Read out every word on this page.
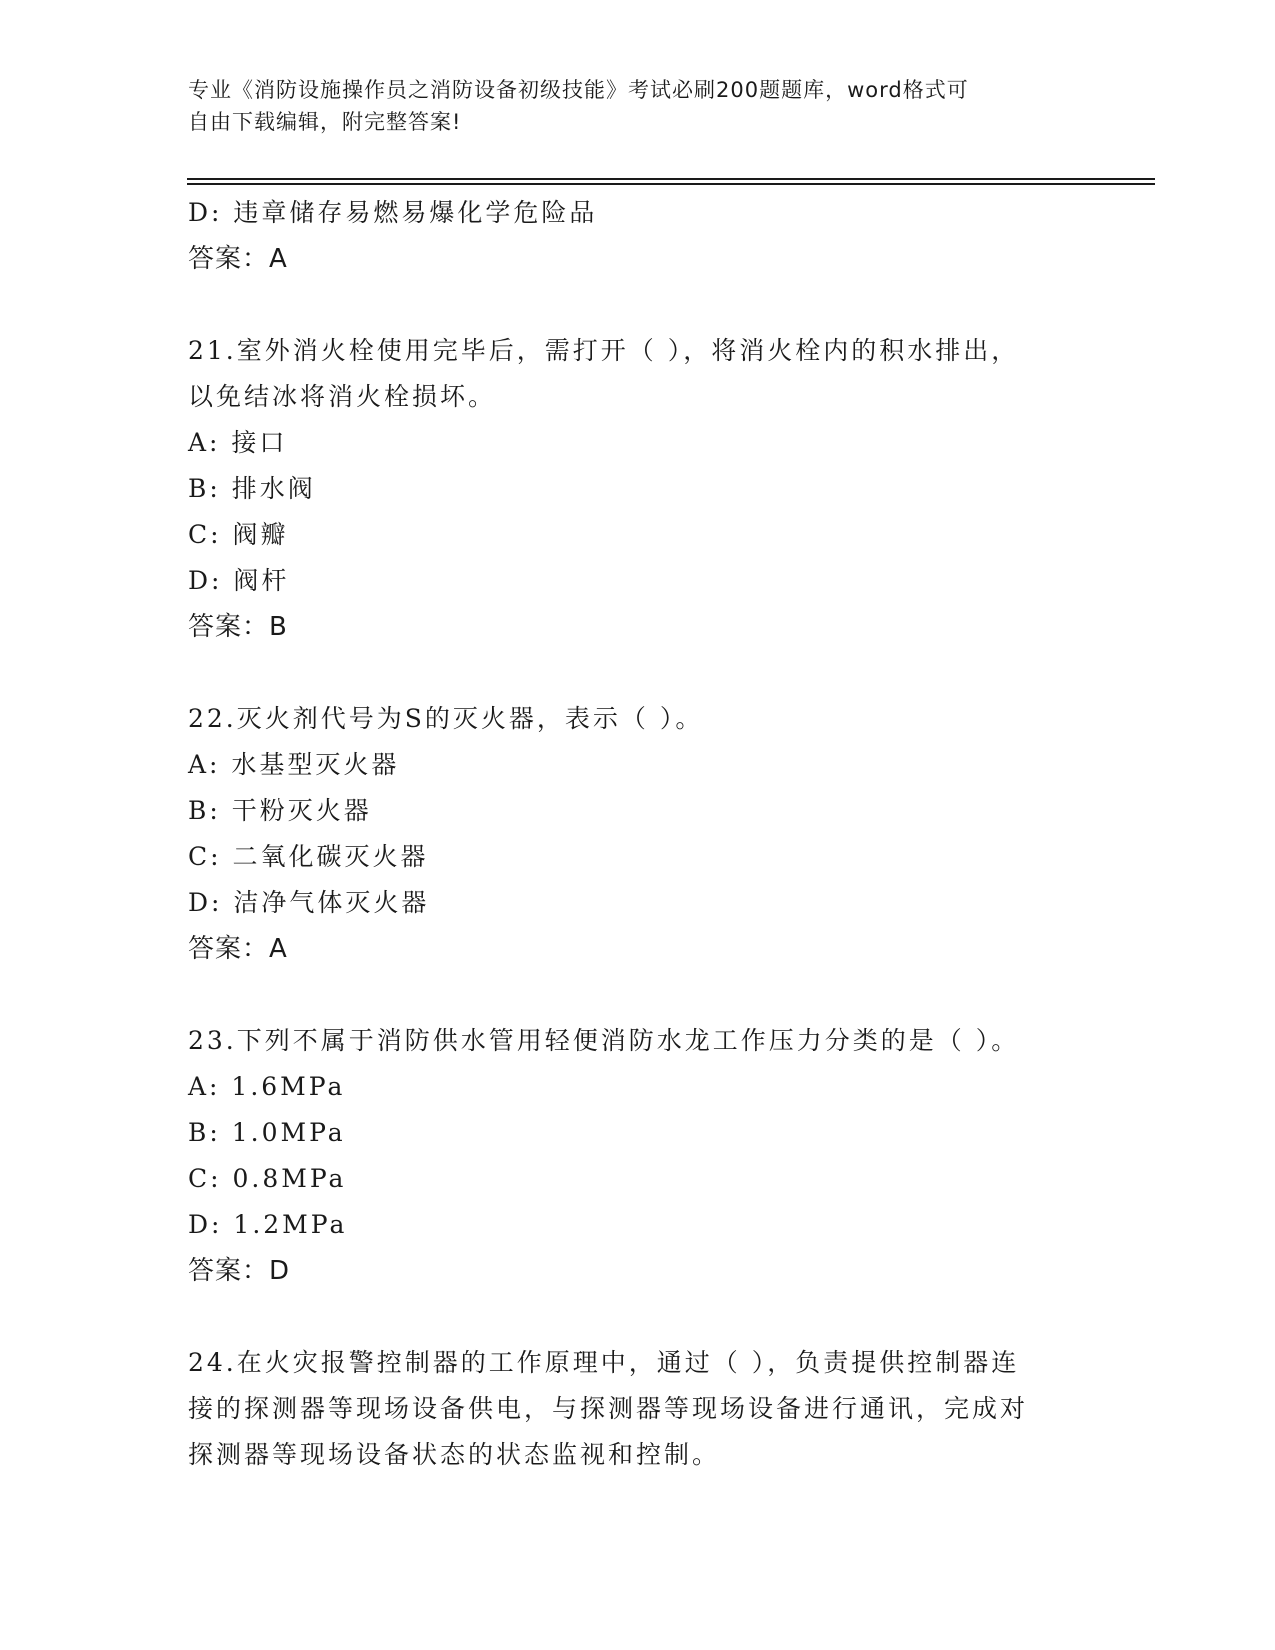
专业《消防设施操作员之消防设备初级技能》考试必刷200题题库，word格式可
自由下载编辑，附完整答案!
D: 违章储存易燃易爆化学危险品
答案：A
21.室外消火栓使用完毕后，需打开（ ），将消火栓内的积水排出，
以免结冰将消火栓损坏。
A: 接口
B: 排水阀
C: 阀瓣
D: 阀杆
答案：B
22.灭火剂代号为S的灭火器，表示（ ）。
A: 水基型灭火器
B: 干粉灭火器
C: 二氧化碳灭火器
D: 洁净气体灭火器
答案：A
23.下列不属于消防供水管用轻便消防水龙工作压力分类的是（ ）。
A: 1.6MPa
B: 1.0MPa
C: 0.8MPa
D: 1.2MPa
答案：D
24.在火灾报警控制器的工作原理中，通过（ ），负责提供控制器连
接的探测器等现场设备供电，与探测器等现场设备进行通讯，完成对
探测器等现场设备状态的状态监视和控制。
